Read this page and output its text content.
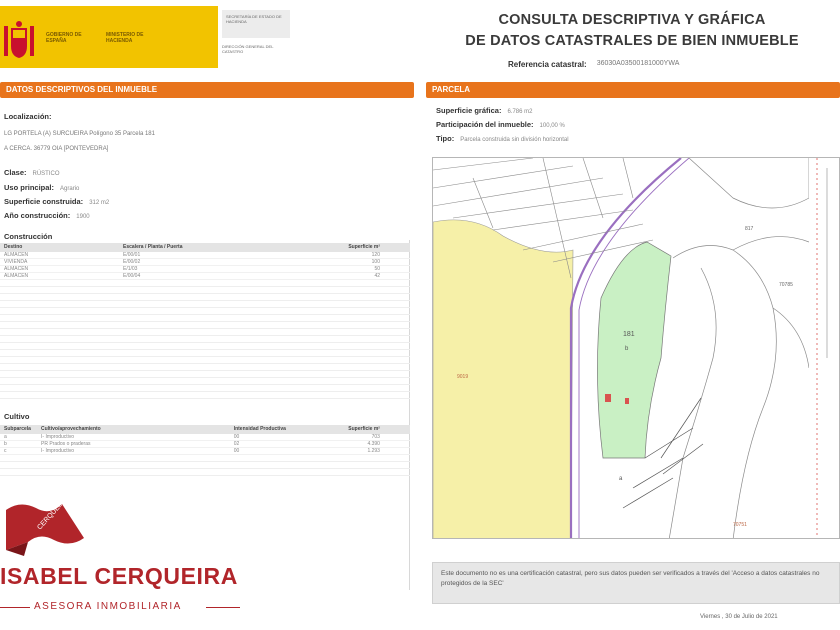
GOBIERNO DE ESPAÑA
MINISTERIO DE HACIENDA
SECRETARÍA DE ESTADO DE HACIENDA
DIRECCIÓN GENERAL DEL CATASTRO
CONSULTA DESCRIPTIVA Y GRÁFICA
DE DATOS CATASTRALES DE BIEN INMUEBLE
Referencia catastral: 36030A03500181000YWA
DATOS DESCRIPTIVOS DEL INMUEBLE
Localización:
LG PORTELA (A) SURCUEIRA Polígono 35 Parcela 181
A CERCA. 36779 OIA [PONTEVEDRA]
Clase: RÚSTICO
Uso principal: Agrario
Superficie construida: 312 m2
Año construcción: 1900
Construcción
Destino	Escalera / Planta / Puerta	Superficie m²
ALMACEN	E/00/01	120
VIVIENDA	E/00/02	100
ALMACEN	E/1/03	50
ALMACEN	E/00/04	42
Cultivo
Subparcela	Cultivo/aprovechamiento	Intensidad Productiva	Superficie m²
a	I- Improductivo	00	703
b	PR Prados o praderas	02	4.390
c	I- Improductivo	00	1.293
CERQUEIRA
ISABEL CERQUEIRA
ASESORA INMOBILIARIA
PARCELA
Superficie gráfica: 6.786 m2
Participación del inmueble: 100,00 %
Tipo: Parcela construida sin división horizontal
181
b
a
817
70785
9019
70751
Este documento no es una certificación catastral, pero sus datos pueden ser verificados a través del 'Acceso a datos catastrales no protegidos de la SEC'
Viernes , 30 de Julio de 2021
